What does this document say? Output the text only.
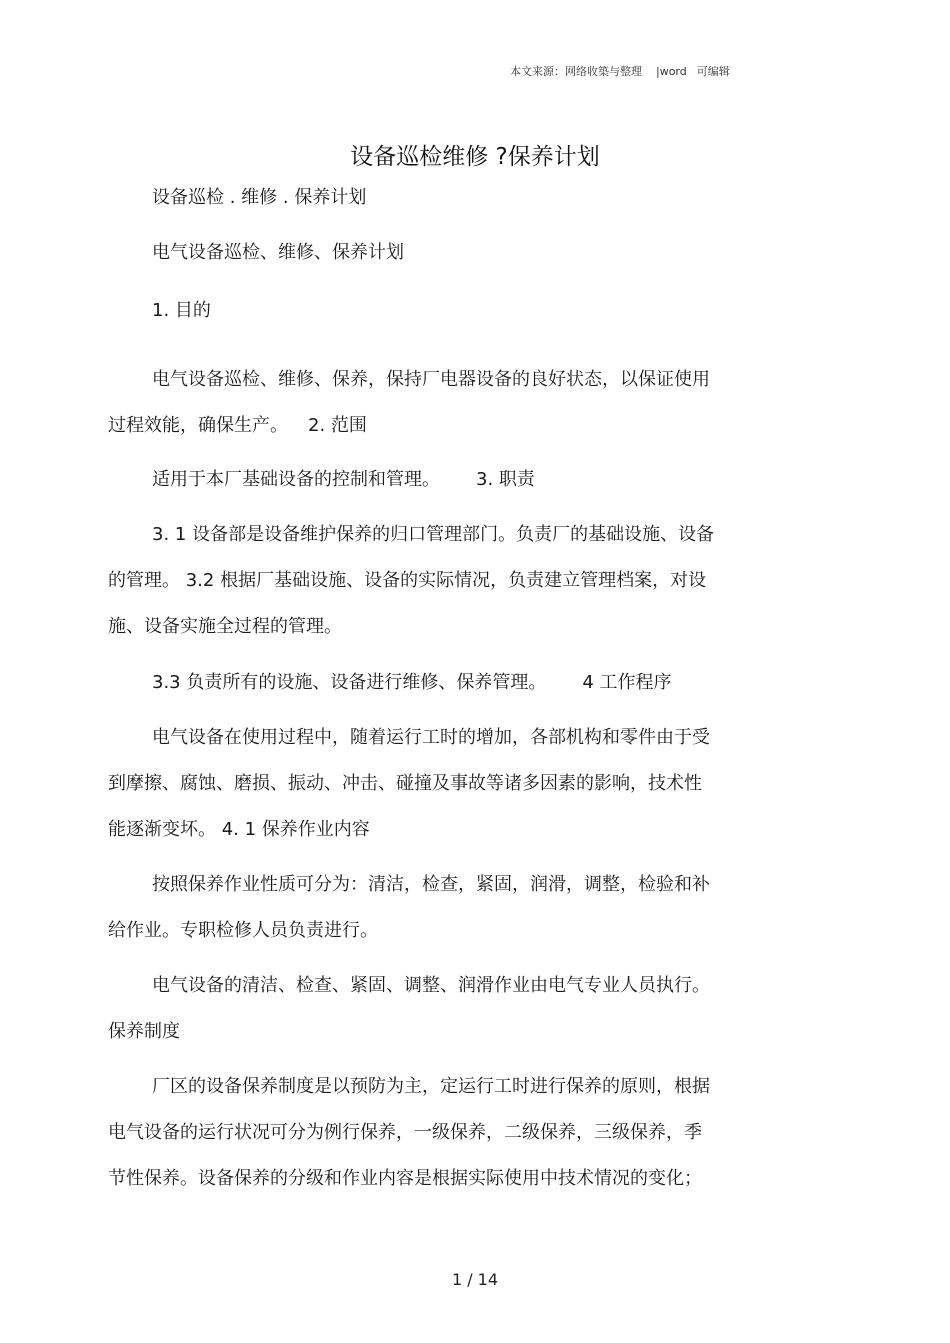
本文来源：网络收築与整理 |word 可编辑
设备巡检维修 ?保养计划
设备巡检 . 维修 . 保养计划
电气设备巡检、维修、保养计划
1. 目的
电气设备巡检、维修、保养，保持厂电器设备的良好状态，以保证使用
过程效能，确保生产。 2. 范围
适用于本厂基础设备的控制和管理。 3. 职责
3. 1 设备部是设备维护保养的归口管理部门。负责厂的基础设施、设备
的管理。 3.2 根据厂基础设施、设备的实际情况，负责建立管理档案，对设
施、设备实施全过程的管理。
3.3 负责所有的设施、设备进行维修、保养管理。 4 工作程序
电气设备在使用过程中，随着运行工时的增加，各部机构和零件由于受
到摩擦、腐蚀、磨损、振动、冲击、碰撞及事故等诸多因素的影响，技术性
能逐渐变坏。 4. 1 保养作业内容
按照保养作业性质可分为：清洁，检查，紧固，润滑，调整，检验和补
给作业。专职检修人员负责进行。
电气设备的清洁、检查、紧固、调整、润滑作业由电气专业人员执行。
保养制度
厂区的设备保养制度是以预防为主，定运行工时进行保养的原则，根据
电气设备的运行状况可分为例行保养，一级保养，二级保养，三级保养，季
节性保养。设备保养的分级和作业内容是根据实际使用中技术情况的变化；
1 / 14
